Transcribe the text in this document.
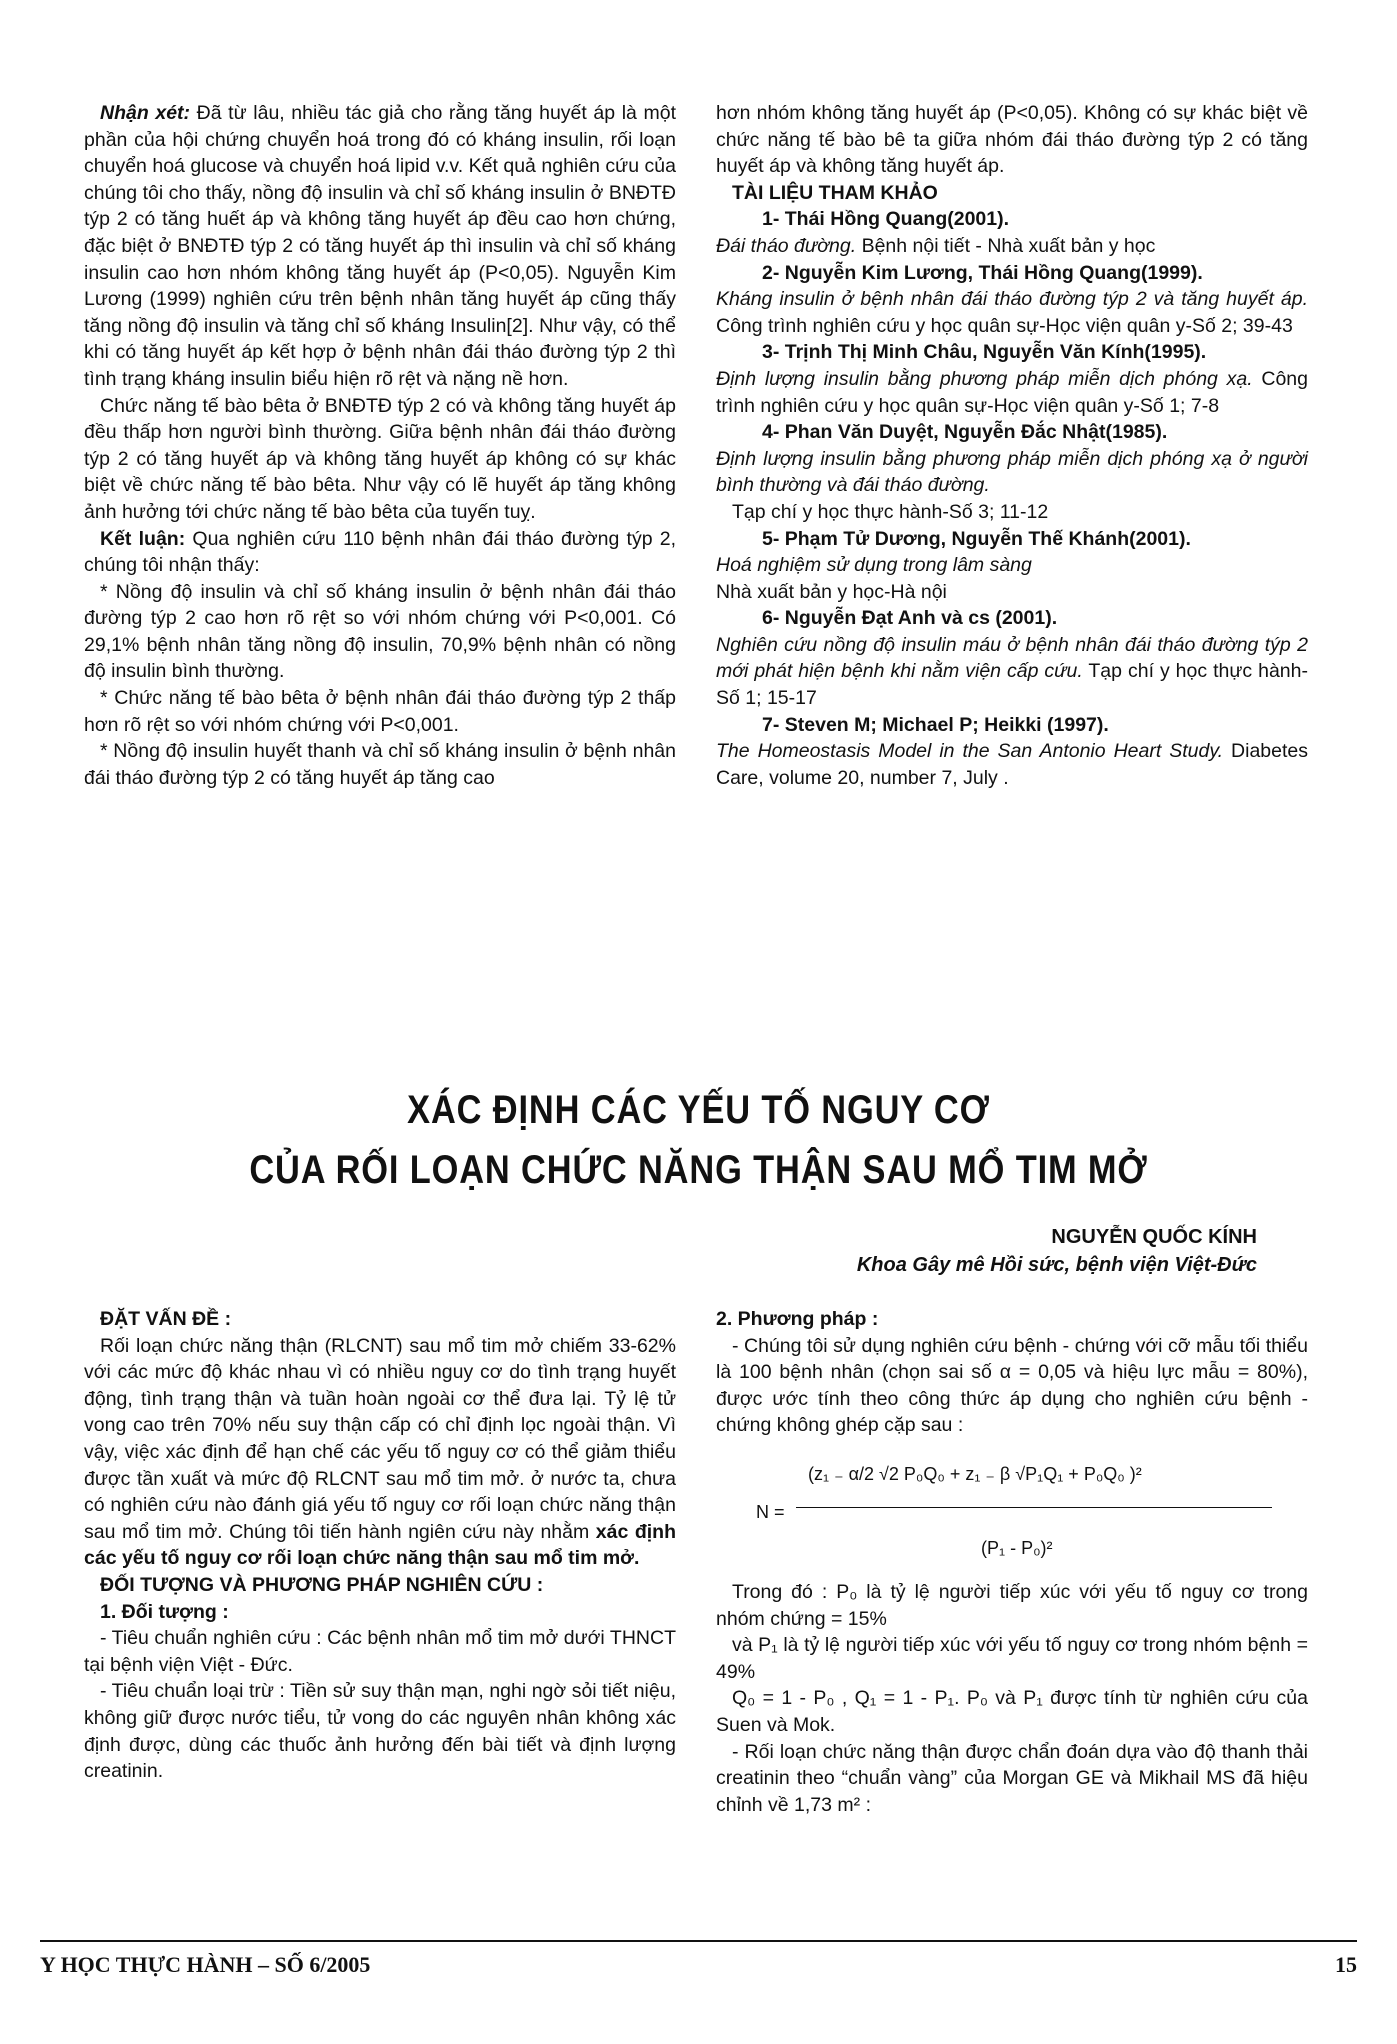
Nhận xét: Đã từ lâu, nhiều tác giả cho rằng tăng huyết áp là một phần của hội chứng chuyển hoá trong đó có kháng insulin, rối loạn chuyển hoá glucose và chuyển hoá lipid v.v. Kết quả nghiên cứu của chúng tôi cho thấy, nồng độ insulin và chỉ số kháng insulin ở BNĐTĐ týp 2 có tăng huết áp và không tăng huyết áp đều cao hơn chứng, đặc biệt ở BNĐTĐ týp 2 có tăng huyết áp thì insulin và chỉ số kháng insulin cao hơn nhóm không tăng huyết áp (P<0,05). Nguyễn Kim Lương (1999) nghiên cứu trên bệnh nhân tăng huyết áp cũng thấy tăng nồng độ insulin và tăng chỉ số kháng Insulin[2]. Như vậy, có thể khi có tăng huyết áp kết hợp ở bệnh nhân đái tháo đường týp 2 thì tình trạng kháng insulin biểu hiện rõ rệt và nặng nề hơn.

Chức năng tế bào bêta ở BNĐTĐ týp 2 có và không tăng huyết áp đều thấp hơn người bình thường. Giữa bệnh nhân đái tháo đường týp 2 có tăng huyết áp và không tăng huyết áp không có sự khác biệt về chức năng tế bào bêta. Như vậy có lẽ huyết áp tăng không ảnh hưởng tới chức năng tế bào bêta của tuyến tuỵ.

Kết luận: Qua nghiên cứu 110 bệnh nhân đái tháo đường týp 2, chúng tôi nhận thấy:

* Nồng độ insulin và chỉ số kháng insulin ở bệnh nhân đái tháo đường týp 2 cao hơn rõ rệt so với nhóm chứng với P<0,001. Có 29,1% bệnh nhân tăng nồng độ insulin, 70,9% bệnh nhân có nồng độ insulin bình thường.

* Chức năng tế bào bêta ở bệnh nhân đái tháo đường týp 2 thấp hơn rõ rệt so với nhóm chứng với P<0,001.

* Nồng độ insulin huyết thanh và chỉ số kháng insulin ở bệnh nhân đái tháo đường týp 2 có tăng huyết áp tăng cao

hơn nhóm không tăng huyết áp (P<0,05). Không có sự khác biệt về chức năng tế bào bê ta giữa nhóm đái tháo đường týp 2 có tăng huyết áp và không tăng huyết áp.

TÀI LIỆU THAM KHẢO

1- Thái Hồng Quang(2001).

Đái tháo đường. Bệnh nội tiết - Nhà xuất bản y học

2- Nguyễn Kim Lương, Thái Hồng Quang(1999).

Kháng insulin ở bệnh nhân đái tháo đường týp 2 và tăng huyết áp. Công trình nghiên cứu y học quân sự-Học viện quân y-Số 2; 39-43

3- Trịnh Thị Minh Châu, Nguyễn Văn Kính(1995).

Định lượng insulin bằng phương pháp miễn dịch phóng xạ. Công trình nghiên cứu y học quân sự-Học viện quân y-Số 1; 7-8

4- Phan Văn Duyệt, Nguyễn Đắc Nhật(1985).

Định lượng insulin bằng phương pháp miễn dịch phóng xạ ở người bình thường và đái tháo đường.

Tạp chí y học thực hành-Số 3; 11-12

5- Phạm Tử Dương, Nguyễn Thế Khánh(2001).

Hoá nghiệm sử dụng trong lâm sàng

Nhà xuất bản y học-Hà nội

6- Nguyễn Đạt Anh và cs (2001).

Nghiên cứu nồng độ insulin máu ở bệnh nhân đái tháo đường týp 2 mới phát hiện bệnh khi nằm viện cấp cứu. Tạp chí y học thực hành-Số 1; 15-17

7- Steven M; Michael P; Heikki (1997).

The Homeostasis Model in the San Antonio Heart Study. Diabetes Care, volume 20, number 7, July .

XÁC ĐỊNH CÁC YẾU TỐ NGUY CƠ
CỦA RỐI LOẠN CHỨC NĂNG THẬN SAU MỔ TIM MỞ
NGUYỄN QUỐC KÍNH
Khoa Gây mê Hồi sức, bệnh viện Việt-Đức

ĐẶT VẤN ĐỀ :

Rối loạn chức năng thận (RLCNT) sau mổ tim mở chiếm 33-62% với các mức độ khác nhau vì có nhiều nguy cơ do tình trạng huyết động, tình trạng thận và tuần hoàn ngoài cơ thể đưa lại. Tỷ lệ tử vong cao trên 70% nếu suy thận cấp có chỉ định lọc ngoài thận. Vì vậy, việc xác định để hạn chế các yếu tố nguy cơ có thể giảm thiểu được tần xuất và mức độ RLCNT sau mổ tim mở. ở nước ta, chưa có nghiên cứu nào đánh giá yếu tố nguy cơ rối loạn chức năng thận sau mổ tim mở. Chúng tôi tiến hành ngiên cứu này nhằm xác định các yếu tố nguy cơ rối loạn chức năng thận sau mổ tim mở.

ĐỐI TƯỢNG VÀ PHƯƠNG PHÁP NGHIÊN CỨU :

1. Đối tượng :

- Tiêu chuẩn nghiên cứu : Các bệnh nhân mổ tim mở dưới THNCT tại bệnh viện Việt - Đức.

- Tiêu chuẩn loại trừ : Tiền sử suy thận mạn, nghi ngờ sỏi tiết niệu, không giữ được nước tiểu, tử vong do các nguyên nhân không xác định được, dùng các thuốc ảnh hưởng đến bài tiết và định lượng creatinin.

2. Phương pháp :

- Chúng tôi sử dụng nghiên cứu bệnh - chứng với cỡ mẫu tối thiểu là 100 bệnh nhân (chọn sai số α = 0,05 và hiệu lực mẫu = 80%), được ước tính theo công thức áp dụng cho nghiên cứu bệnh - chứng không ghép cặp sau :

N =
(z₁ ₋ α/2 √2 P₀Q₀ + z₁ ₋ β √P₁Q₁ + P₀Q₀ )²
(P₁ - P₀)²

Trong đó : P₀ là tỷ lệ người tiếp xúc với yếu tố nguy cơ trong nhóm chứng = 15%

và P₁ là tỷ lệ người tiếp xúc với yếu tố nguy cơ trong nhóm bệnh = 49%

Q₀ = 1 - P₀ , Q₁ = 1 - P₁. P₀ và P₁ được tính từ nghiên cứu của Suen và Mok.

- Rối loạn chức năng thận được chẩn đoán dựa vào độ thanh thải creatinin theo “chuẩn vàng” của Morgan GE và Mikhail MS đã hiệu chỉnh về 1,73 m² :

Y HỌC THỰC HÀNH – SỐ 6/2005	15
